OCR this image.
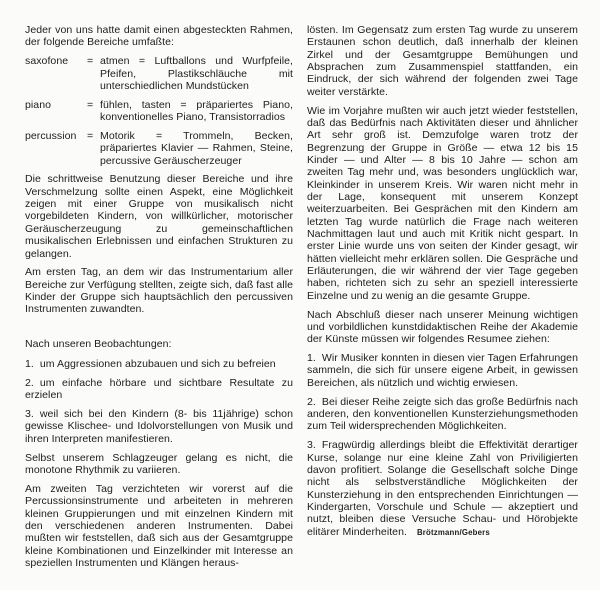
Jeder von uns hatte damit einen abgesteckten Rahmen, der folgende Bereiche umfaßte:

saxofone	= atmen = Luftballons und Wurfpfeile, Pfeifen, Plastikschläuche mit unterschiedlichen Mundstücken
piano	= fühlen, tasten = präpariertes Piano, konventionelles Piano, Transistorradios
percussion	= Motorik = Trommeln, Becken, präpariertes Klavier — Rahmen, Steine, percussive Geräuscherzeuger

Die schrittweise Benutzung dieser Bereiche und ihre Verschmelzung sollte einen Aspekt, eine Möglichkeit zeigen mit einer Gruppe von musikalisch nicht vorgebildeten Kindern, von willkürlicher, motorischer Geräuscherzeugung zu gemeinschaftlichen musikalischen Erlebnissen und einfachen Strukturen zu gelangen.

Am ersten Tag, an dem wir das Instrumentarium aller Bereiche zur Verfügung stellten, zeigte sich, daß fast alle Kinder der Gruppe sich hauptsächlich den percussiven Instrumenten zuwandten.

Nach unseren Beobachtungen:

1. um Aggressionen abzubauen und sich zu befreien

2. um einfache hörbare und sichtbare Resultate zu erzielen

3. weil sich bei den Kindern (8- bis 11jährige) schon gewisse Klischee- und Idolvorstellungen von Musik und ihren Interpreten manifestieren.

Selbst unserem Schlagzeuger gelang es nicht, die monotone Rhythmik zu variieren.

Am zweiten Tag verzichteten wir vorerst auf die Percussionsinstrumente und arbeiteten in mehreren kleinen Gruppierungen und mit einzelnen Kindern mit den verschiedenen anderen Instrumenten. Dabei mußten wir feststellen, daß sich aus der Gesamtgruppe kleine Kombinationen und Einzelkinder mit Interesse an speziellen Instrumenten und Klängen heraus-

lösten. Im Gegensatz zum ersten Tag wurde zu unserem Erstaunen schon deutlich, daß innerhalb der kleinen Zirkel und der Gesamtgruppe Bemühungen und Absprachen zum Zusammenspiel stattfanden, ein Eindruck, der sich während der folgenden zwei Tage weiter verstärkte.

Wie im Vorjahre mußten wir auch jetzt wieder feststellen, daß das Bedürfnis nach Aktivitäten dieser und ähnlicher Art sehr groß ist. Demzufolge waren trotz der Begrenzung der Gruppe in Größe — etwa 12 bis 15 Kinder — und Alter — 8 bis 10 Jahre — schon am zweiten Tag mehr und, was besonders unglücklich war, Kleinkinder in unserem Kreis. Wir waren nicht mehr in der Lage, konsequent mit unserem Konzept weiterzuarbeiten. Bei Gesprächen mit den Kindern am letzten Tag wurde natürlich die Frage nach weiteren Nachmittagen laut und auch mit Kritik nicht gespart. In erster Linie wurde uns von seiten der Kinder gesagt, wir hätten vielleicht mehr erklären sollen. Die Gespräche und Erläuterungen, die wir während der vier Tage gegeben haben, richteten sich zu sehr an speziell interessierte Einzelne und zu wenig an die gesamte Gruppe.

Nach Abschluß dieser nach unserer Meinung wichtigen und vorbildlichen kunstdidaktischen Reihe der Akademie der Künste müssen wir folgendes Resumee ziehen:

1. Wir Musiker konnten in diesen vier Tagen Erfahrungen sammeln, die sich für unsere eigene Arbeit, in gewissen Bereichen, als nützlich und wichtig erwiesen.

2. Bei dieser Reihe zeigte sich das große Bedürfnis nach anderen, den konventionellen Kunsterziehungsmethoden zum Teil widersprechenden Möglichkeiten.

3. Fragwürdig allerdings bleibt die Effektivität derartiger Kurse, solange nur eine kleine Zahl von Priviligierten davon profitiert. Solange die Gesellschaft solche Dinge nicht als selbstverständliche Möglichkeiten der Kunsterziehung in den entsprechenden Einrichtungen — Kindergarten, Vorschule und Schule — akzeptiert und nutzt, bleiben diese Versuche Schau- und Hörobjekte elitärer Minderheiten. Brötzmann/Gebers
